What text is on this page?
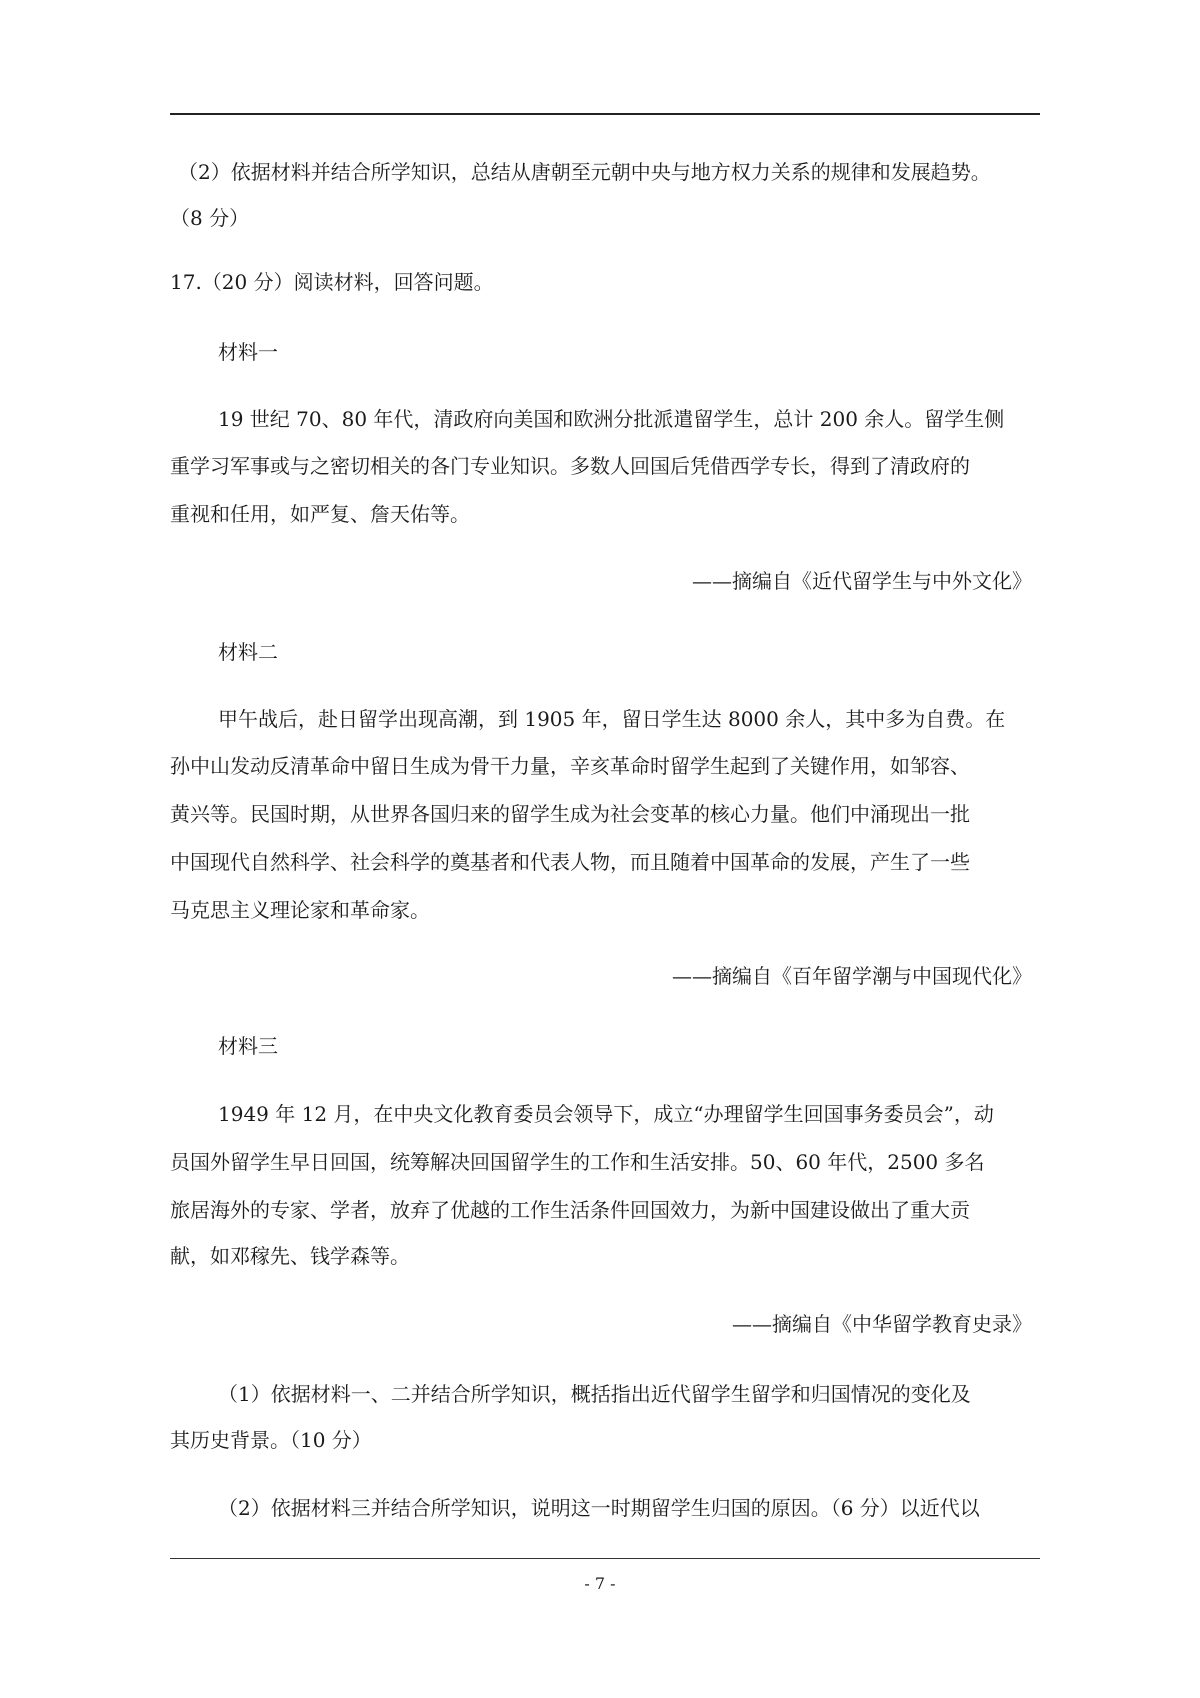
（2）依据材料并结合所学知识，总结从唐朝至元朝中央与地方权力关系的规律和发展趋势。
（8 分）
17.（20 分）阅读材料，回答问题。
材料一
19 世纪 70、80 年代，清政府向美国和欧洲分批派遣留学生，总计 200 余人。留学生侧
重学习军事或与之密切相关的各门专业知识。多数人回国后凭借西学专长，得到了清政府的
重视和任用，如严复、詹天佑等。
——摘编自《近代留学生与中外文化》
材料二
甲午战后，赴日留学出现高潮，到 1905 年，留日学生达 8000 余人，其中多为自费。在
孙中山发动反清革命中留日生成为骨干力量，辛亥革命时留学生起到了关键作用，如邹容、
黄兴等。民国时期，从世界各国归来的留学生成为社会变革的核心力量。他们中涌现出一批
中国现代自然科学、社会科学的奠基者和代表人物，而且随着中国革命的发展，产生了一些
马克思主义理论家和革命家。
——摘编自《百年留学潮与中国现代化》
材料三
1949 年 12 月，在中央文化教育委员会领导下，成立“办理留学生回国事务委员会”，动
员国外留学生早日回国，统筹解决回国留学生的工作和生活安排。50、60 年代，2500 多名
旅居海外的专家、学者，放弃了优越的工作生活条件回国效力，为新中国建设做出了重大贡
献，如邓稼先、钱学森等。
——摘编自《中华留学教育史录》
（1）依据材料一、二并结合所学知识，概括指出近代留学生留学和归国情况的变化及
其历史背景。（10 分）
（2）依据材料三并结合所学知识，说明这一时期留学生归国的原因。（6 分）以近代以
- 7 -
